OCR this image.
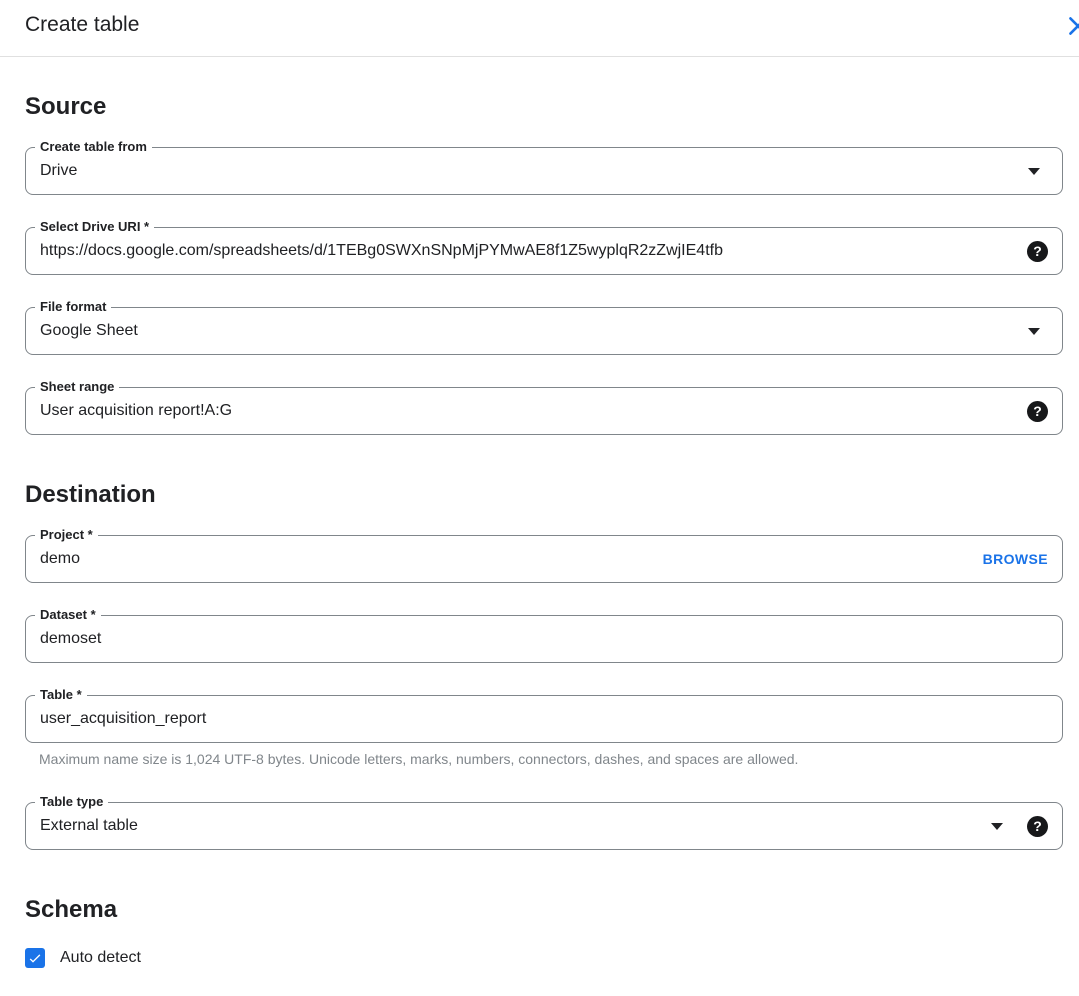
Create table
Source
Create table from
Drive
Select Drive URI *
https://docs.google.com/spreadsheets/d/1TEBg0SWXnSNpMjPYMwAE8f1Z5wyplqR2zZwjIE4tfb
?
File format
Google Sheet
Sheet range
User acquisition report!A:G
?
Destination
Project *
demo
BROWSE
Dataset *
demoset
Table *
user_acquisition_report
Maximum name size is 1,024 UTF-8 bytes. Unicode letters, marks, numbers, connectors, dashes, and spaces are allowed.
Table type
External table	?
Schema
Auto detect
